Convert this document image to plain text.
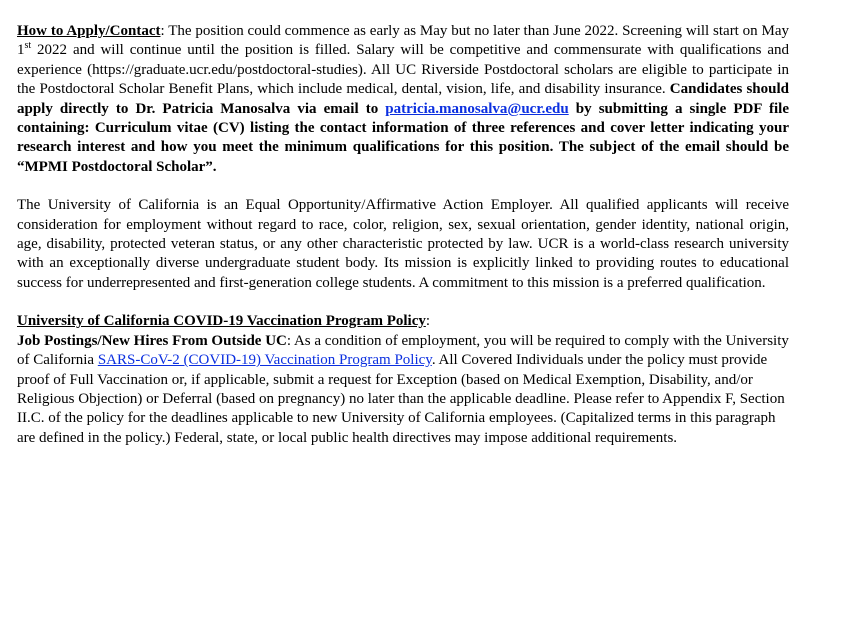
How to Apply/Contact: The position could commence as early as May but no later than June 2022. Screening will start on May 1st 2022 and will continue until the position is filled. Salary will be competitive and commensurate with qualifications and experience (https://graduate.ucr.edu/postdoctoral-studies). All UC Riverside Postdoctoral scholars are eligible to participate in the Postdoctoral Scholar Benefit Plans, which include medical, dental, vision, life, and disability insurance. Candidates should apply directly to Dr. Patricia Manosalva via email to patricia.manosalva@ucr.edu by submitting a single PDF file containing: Curriculum vitae (CV) listing the contact information of three references and cover letter indicating your research interest and how you meet the minimum qualifications for this position. The subject of the email should be “MPMI Postdoctoral Scholar”.

The University of California is an Equal Opportunity/Affirmative Action Employer. All qualified applicants will receive consideration for employment without regard to race, color, religion, sex, sexual orientation, gender identity, national origin, age, disability, protected veteran status, or any other characteristic protected by law. UCR is a world-class research university with an exceptionally diverse undergraduate student body. Its mission is explicitly linked to providing routes to educational success for underrepresented and first-generation college students. A commitment to this mission is a preferred qualification.

University of California COVID-19 Vaccination Program Policy:
Job Postings/New Hires From Outside UC: As a condition of employment, you will be required to comply with the University of California SARS-CoV-2 (COVID-19) Vaccination Program Policy. All Covered Individuals under the policy must provide proof of Full Vaccination or, if applicable, submit a request for Exception (based on Medical Exemption, Disability, and/or Religious Objection) or Deferral (based on pregnancy) no later than the applicable deadline. Please refer to Appendix F, Section II.C. of the policy for the deadlines applicable to new University of California employees. (Capitalized terms in this paragraph are defined in the policy.) Federal, state, or local public health directives may impose additional requirements.
